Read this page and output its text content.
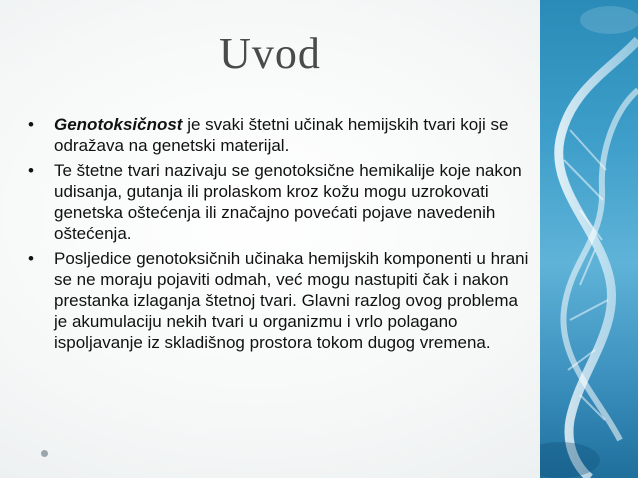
Uvod
•	Genotoksičnost je svaki štetni učinak hemijskih tvari koji se odražava na genetski materijal.
•	Te štetne tvari nazivaju se genotoksične hemikalije koje nakon udisanja, gutanja ili prolaskom kroz kožu mogu uzrokovati genetska oštećenja ili značajno povećati pojave navedenih oštećenja.
•	Posljedice genotoksičnih učinaka hemijskih komponenti u hrani se ne moraju pojaviti odmah, već mogu nastupiti čak i nakon prestanka izlaganja štetnoj tvari. Glavni razlog ovog problema je akumulaciju nekih tvari u organizmu i vrlo polagano ispoljavanje iz skladišnog prostora tokom dugog vremena.
